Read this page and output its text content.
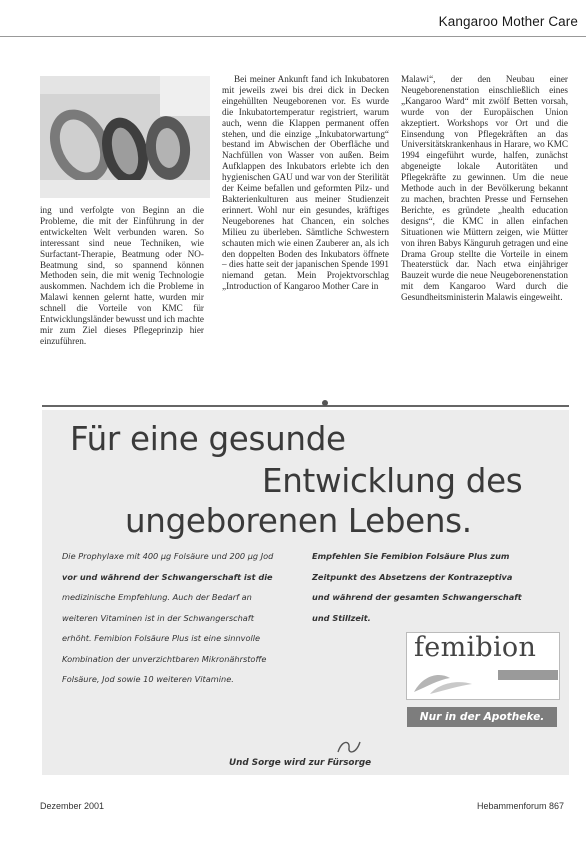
Kangaroo Mother Care

ing und verfolgte von Beginn an die Probleme, die mit der Einführung in der entwickelten Welt verbunden waren. So interessant sind neue Techniken, wie Surfactant-Therapie, Beatmung oder NO-Beatmung sind, so spannend können Methoden sein, die mit wenig Technologie auskommen. Nachdem ich die Probleme in Malawi kennen gelernt hatte, wurden mir schnell die Vorteile von KMC für Entwicklungsländer bewusst und ich machte mir zum Ziel dieses Pflegeprinzip hier einzuführen.

Bei meiner Ankunft fand ich Inkubatoren mit jeweils zwei bis drei dick in Decken eingehüllten Neugeborenen vor. Es wurde die Inkubatortemperatur registriert, warum auch, wenn die Klappen permanent offen stehen, und die einzige „Inkubatorwartung“ bestand im Abwischen der Oberfläche und Nachfüllen von Wasser von außen. Beim Aufklappen des Inkubators erlebte ich den hygienischen GAU und war von der Sterilität der Keime befallen und geformten Pilz- und Bakterienkulturen aus meiner Studienzeit erinnert. Wohl nur ein gesundes, kräftiges Neugeborenes hat Chancen, ein solches Milieu zu überleben. Sämtliche Schwestern schauten mich wie einen Zauberer an, als ich den doppelten Boden des Inkubators öffnete – dies hatte seit der japanischen Spende 1991 niemand getan. Mein Projektvorschlag „Introduction of Kangaroo Mother Care in

Malawi“, der den Neubau einer Neugeborenenstation einschließlich eines „Kangaroo Ward“ mit zwölf Betten vorsah, wurde von der Europäischen Union akzeptiert. Workshops vor Ort und die Einsendung von Pflegekräften an das Universitätskrankenhaus in Harare, wo KMC 1994 eingeführt wurde, halfen, zunächst abgeneigte lokale Autoritäten und Pflegekräfte zu gewinnen. Um die neue Methode auch in der Bevölkerung bekannt zu machen, brachten Presse und Fernsehen Berichte, es gründete „health education designs“, die KMC in allen einfachen Situationen wie Müttern zeigen, wie Mütter von ihren Babys Känguruh getragen und eine Drama Group stellte die Vorteile in einem Theaterstück dar. Nach etwa einjähriger Bauzeit wurde die neue Neugeborenenstation mit dem Kangaroo Ward durch die Gesundheitsministerin Malawis eingeweiht.

Für eine gesunde
Entwicklung des
ungeborenen Lebens.
Die Prophylaxe mit 400 µg Folsäure und 200 µg Jod
vor und während der Schwangerschaft ist die
medizinische Empfehlung. Auch der Bedarf an
weiteren Vitaminen ist in der Schwangerschaft
erhöht. Femibion Folsäure Plus ist eine sinnvolle
Kombination der unverzichtbaren Mikronährstoffe
Folsäure, Jod sowie 10 weiteren Vitamine.
Empfehlen Sie Femibion Folsäure Plus zum
Zeitpunkt des Absetzens der Kontrazeptiva
und während der gesamten Schwangerschaft
und Stillzeit.
femibion
Nur in der Apotheke.
Und Sorge wird zur Fürsorge
Dezember 2001	Hebammenforum 867
